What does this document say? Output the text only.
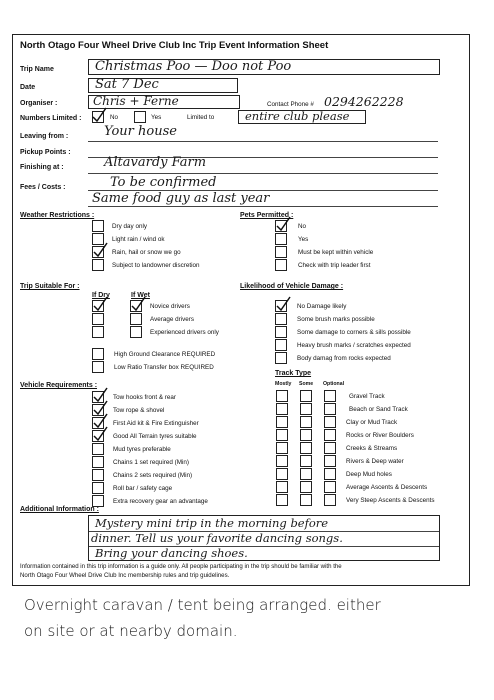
North Otago Four Wheel Drive Club Inc Trip Event Information Sheet
Trip Name	Christmas Poo — Doo not Poo
Date	Sat 7 Dec
Organiser :	Chris + Ferne	Contact Phone # 0294262228
Numbers Limited :	No	Yes	Limited to	entire club please
Leaving from :	Your house
Pickup Points :
Finishing at :	Altavardy Farm
Fees / Costs :	To be confirmed
Same food guy as last year
Weather Restrictions :
Dry day only
Light rain / wind ok
Rain, hail or snow we go
Subject to landowner discretion
Pets Permitted :
No
Yes
Must be kept within vehicle
Check with trip leader first
Trip Suitable For :
If Dry	If Wet
Novice drivers
Average drivers
Experienced drivers only
High Ground Clearance REQUIRED
Low Ratio Transfer box REQUIRED
Likelihood of Vehicle Damage :
No Damage likely
Some brush marks possible
Some damage to corners & sills possible
Heavy brush marks / scratches expected
Body damag from rocks expected
Vehicle Requirements :
Tow hooks front & rear
Tow rope & shovel
First Aid kit & Fire Extinguisher
Good All Terrain tyres suitable
Mud tyres preferable
Chains 1 set required (Min)
Chains 2 sets required (Min)
Roll bar / safety cage
Extra recovery gear an advantage
Track Type
Mostly Some Optional
Gravel Track
Beach or Sand Track
Clay or Mud Track
Rocks or River Boulders
Creeks & Streams
Rivers & Deep water
Deep Mud holes
Average Ascents & Descents
Very Steep Ascents & Descents
Additional Information :
Mystery mini trip in the morning before
dinner. Tell us your favorite dancing songs.
Bring your dancing shoes.
Information contained in this trip information is a guide only. All people participating in the trip should be familiar with the
North Otago Four Wheel Drive Club Inc membership rules and trip guidelines.
Overnight caravan / tent being arranged. either
on site or at nearby domain.
